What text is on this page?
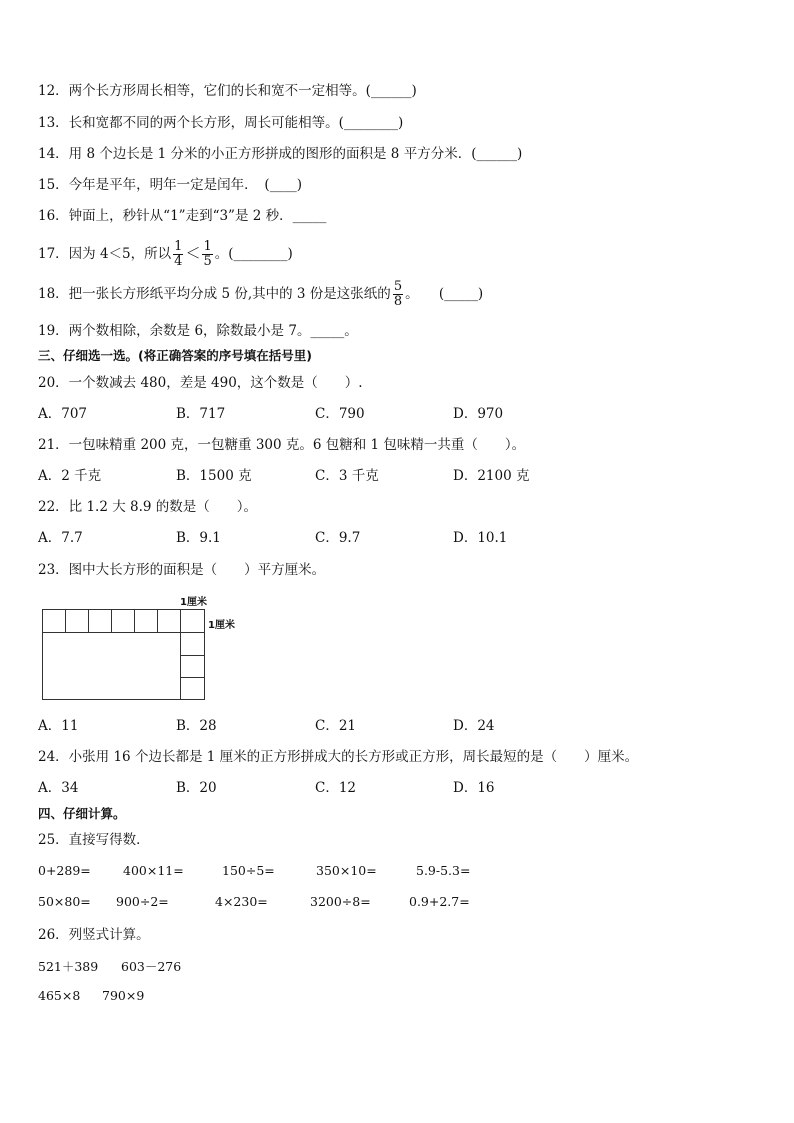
12．两个长方形周长相等，它们的长和宽不一定相等。(______)
13．长和宽都不同的两个长方形，周长可能相等。(________)
14．用 8 个边长是 1 分米的小正方形拼成的图形的面积是 8 平方分米．(______)
15．今年是平年，明年一定是闰年．　(____)
16．钟面上，秒针从“1”走到“3”是 2 秒．_____
17．因为 4＜5，所以 $\frac{1}{4} < \frac{1}{5}$ 。(________)
18．把一张长方形纸平均分成 5 份,其中的 3 份是这张纸的 $\frac{5}{8}$ 。　　(_____)
19．两个数相除，余数是 6，除数最小是 7。_____。
三、仔细选一选。(将正确答案的序号填在括号里)
20．一个数减去 480，差是 490，这个数是（　　）.
A．707	B．717	C．790	D．970
21．一包味精重 200 克，一包糖重 300 克。6 包糖和 1 包味精一共重（　　）。
A．2 千克	B．1500 克	C．3 千克	D．2100 克
22．比 1.2 大 8.9 的数是（　　）。
A．7.7	B．9.1	C．9.7	D．10.1
23．图中大长方形的面积是（　　）平方厘米。
1厘米
1厘米
A．11	B．28	C．21	D．24
24．小张用 16 个边长都是 1 厘米的正方形拼成大的长方形或正方形，周长最短的是（　　）厘米。
A．34	B．20	C．12	D．16
四、仔细计算。
25．直接写得数．
0+289=	400×11=	150÷5=	350×10=	5.9-5.3=
50×80= 900÷2=	4×230=	3200÷8=	0.9+2.7=
26．列竖式计算。
521＋389 603－276
465×8 790×9
